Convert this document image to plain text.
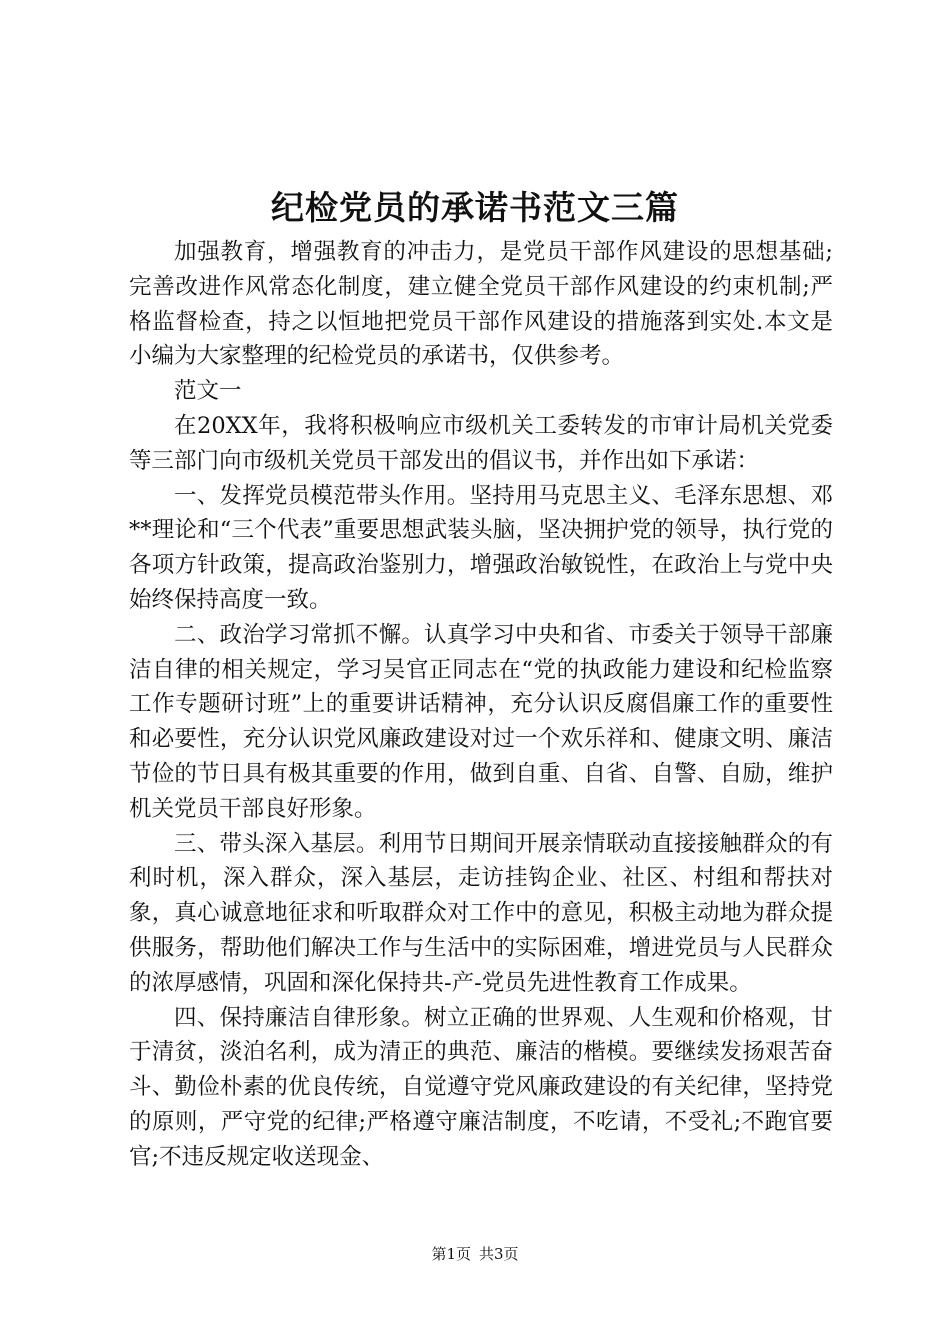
纪检党员的承诺书范文三篇

加强教育，增强教育的冲击力，是党员干部作风建设的思想基础;完善改进作风常态化制度，建立健全党员干部作风建设的约束机制;严格监督检查，持之以恒地把党员干部作风建设的措施落到实处.本文是小编为大家整理的纪检党员的承诺书，仅供参考。

范文一

在20XX年，我将积极响应市级机关工委转发的市审计局机关党委等三部门向市级机关党员干部发出的倡议书，并作出如下承诺：

一、发挥党员模范带头作用。坚持用马克思主义、毛泽东思想、邓**理论和“三个代表”重要思想武装头脑，坚决拥护党的领导，执行党的各项方针政策，提高政治鉴别力，增强政治敏锐性，在政治上与党中央始终保持高度一致。

二、政治学习常抓不懈。认真学习中央和省、市委关于领导干部廉洁自律的相关规定，学习吴官正同志在“党的执政能力建设和纪检监察工作专题研讨班”上的重要讲话精神，充分认识反腐倡廉工作的重要性和必要性，充分认识党风廉政建设对过一个欢乐祥和、健康文明、廉洁节俭的节日具有极其重要的作用，做到自重、自省、自警、自励，维护机关党员干部良好形象。

三、带头深入基层。利用节日期间开展亲情联动直接接触群众的有利时机，深入群众，深入基层，走访挂钩企业、社区、村组和帮扶对象，真心诚意地征求和听取群众对工作中的意见，积极主动地为群众提供服务，帮助他们解决工作与生活中的实际困难，增进党员与人民群众的浓厚感情，巩固和深化保持共-产-党员先进性教育工作成果。

四、保持廉洁自律形象。树立正确的世界观、人生观和价格观，甘于清贫，淡泊名利，成为清正的典范、廉洁的楷模。要继续发扬艰苦奋斗、勤俭朴素的优良传统，自觉遵守党风廉政建设的有关纪律，坚持党的原则，严守党的纪律;严格遵守廉洁制度，不吃请，不受礼;不跑官要官;不违反规定收送现金、

第1页 共3页
